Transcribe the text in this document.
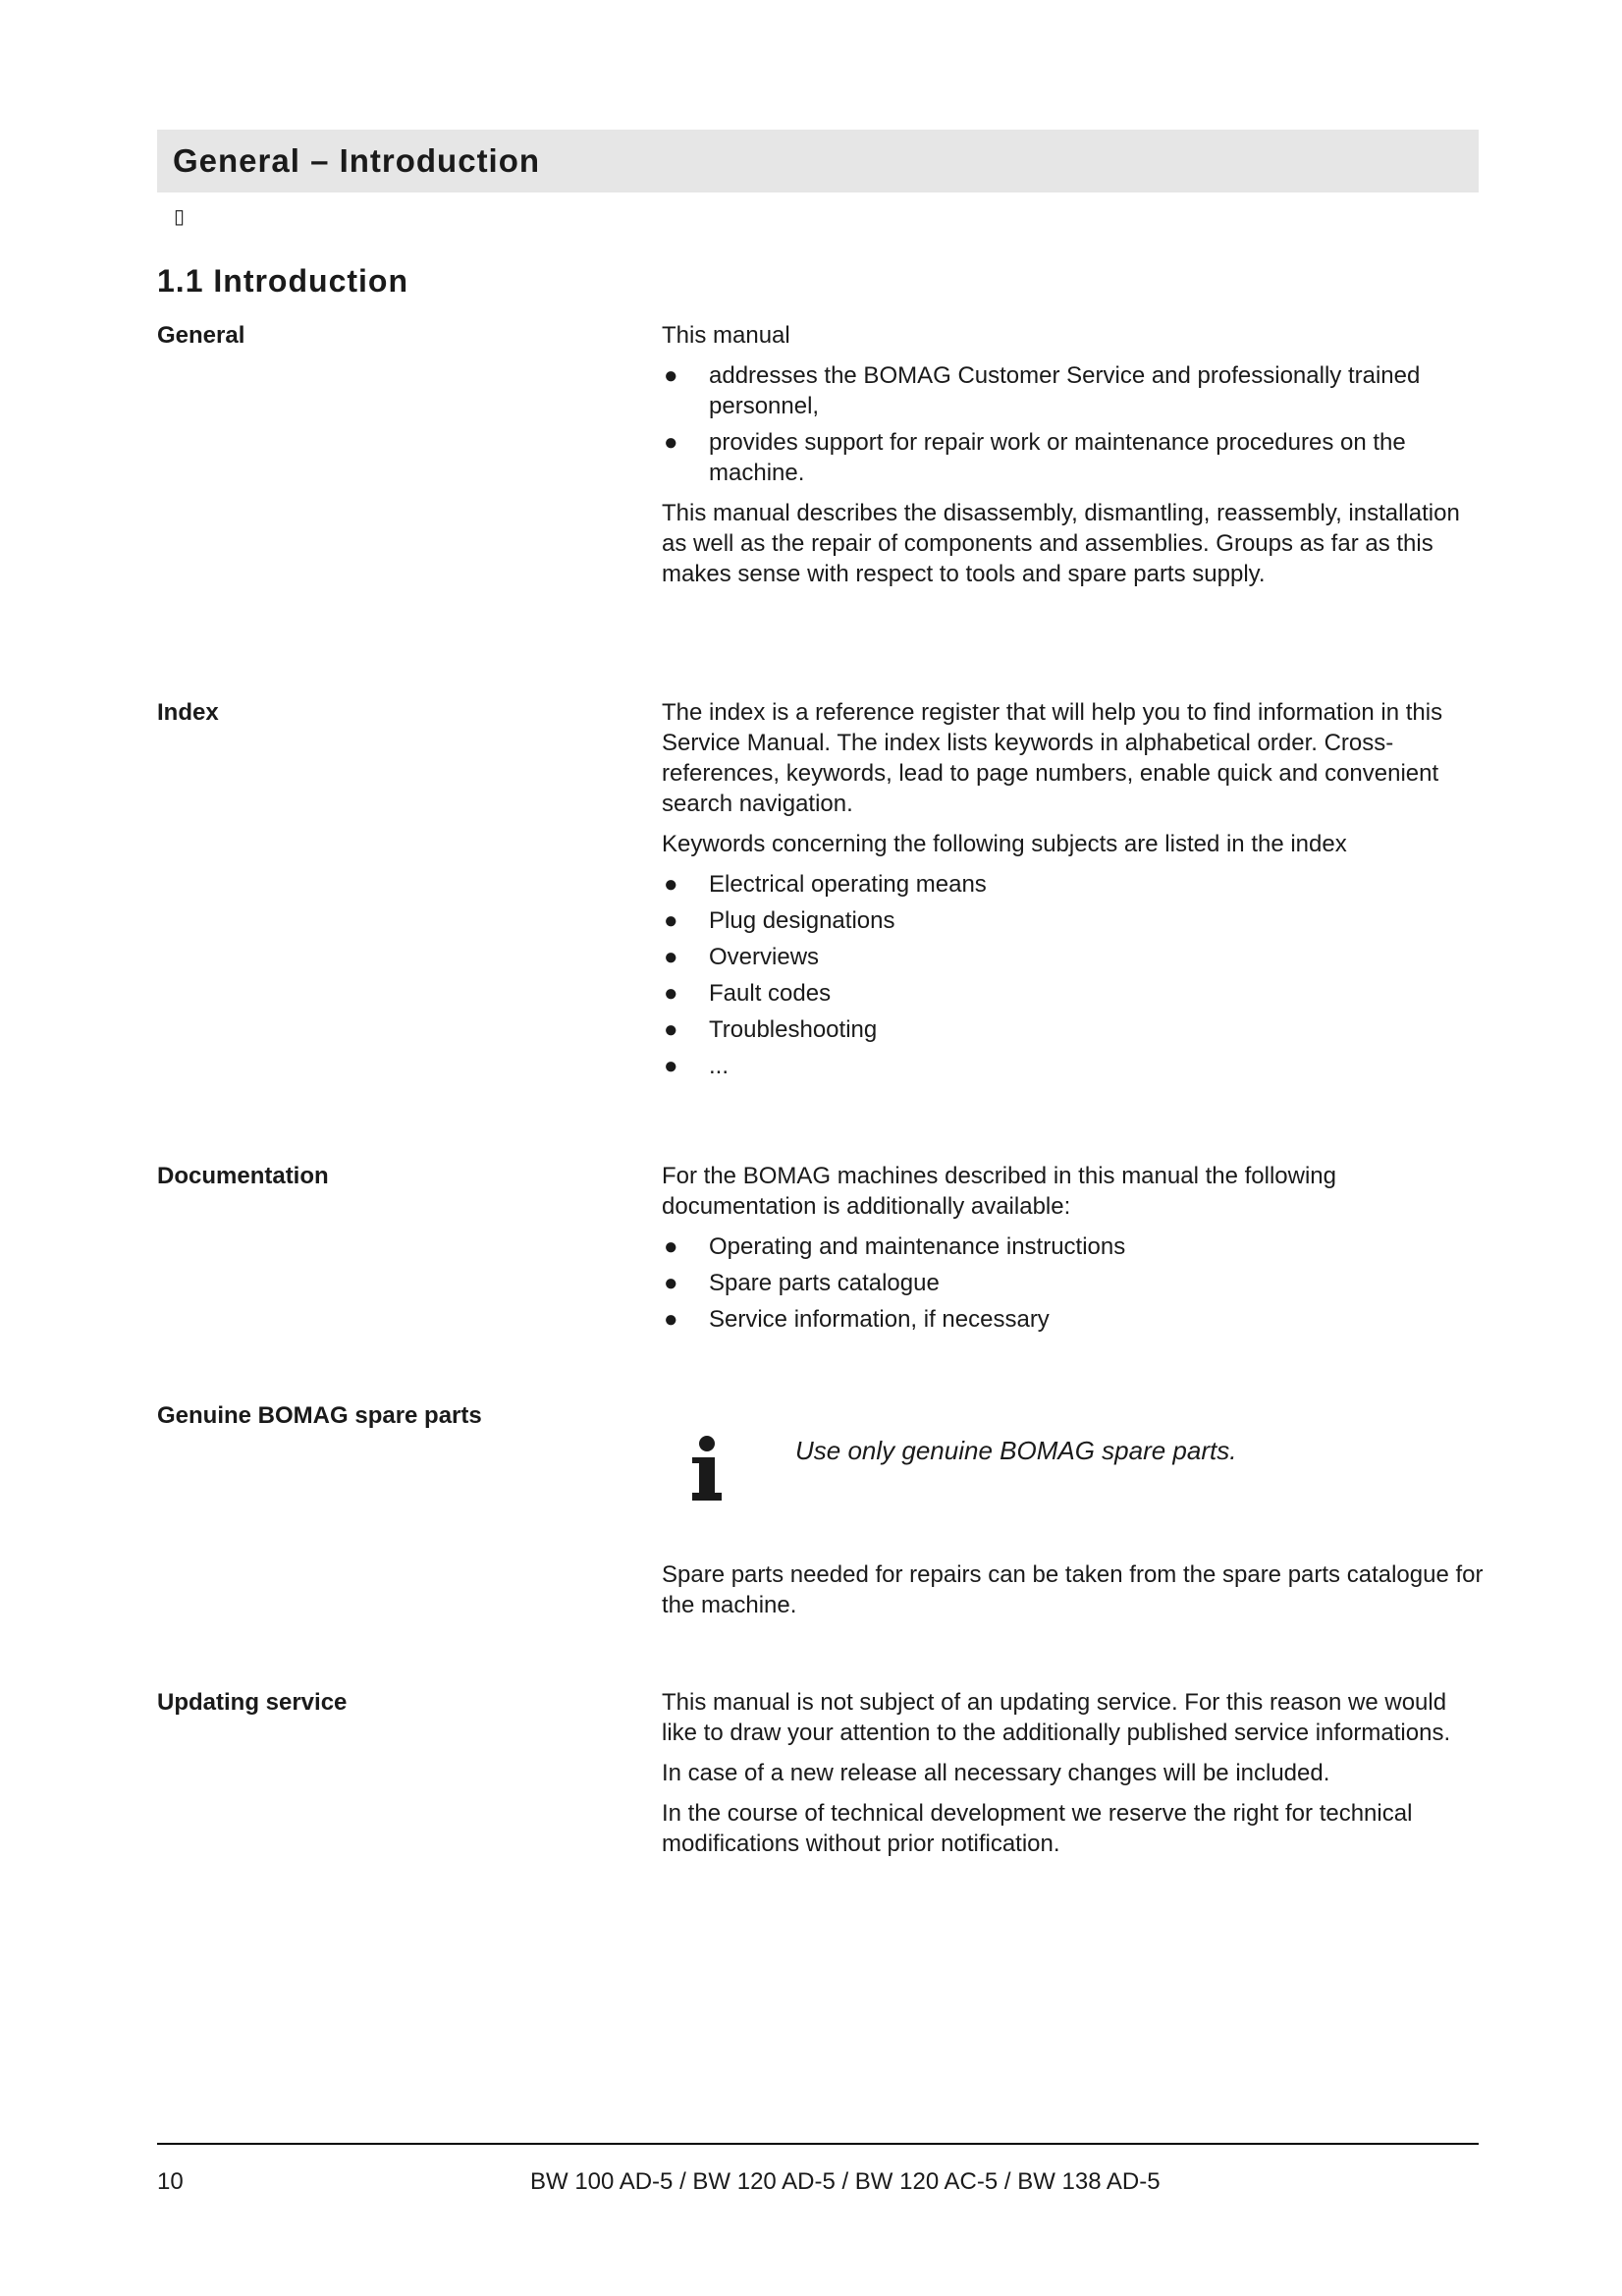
General – Introduction
▯
1.1 Introduction
General	This manual

● addresses the BOMAG Customer Service and professionally trained personnel,
● provides support for repair work or maintenance procedures on the machine.

This manual describes the disassembly, dismantling, reassembly, installation as well as the repair of components and assemblies. Groups as far as this makes sense with respect to tools and spare parts supply.

Index	The index is a reference register that will help you to find information in this Service Manual. The index lists keywords in alphabetical order. Cross-references, keywords, lead to page numbers, enable quick and convenient search navigation.

Keywords concerning the following subjects are listed in the index

● Electrical operating means
● Plug designations
● Overviews
● Fault codes
● Troubleshooting
● ...
Documentation	For the BOMAG machines described in this manual the following documentation is additionally available:

● Operating and maintenance instructions
● Spare parts catalogue
● Service information, if necessary
Genuine BOMAG spare parts
Use only genuine BOMAG spare parts.

Spare parts needed for repairs can be taken from the spare parts catalogue for the machine.

Updating service	This manual is not subject of an updating service. For this reason we would like to draw your attention to the additionally published service informations.

In case of a new release all necessary changes will be included.

In the course of technical development we reserve the right for technical modifications without prior notification.

10	BW 100 AD-5 / BW 120 AD-5 / BW 120 AC-5 / BW 138 AD-5
